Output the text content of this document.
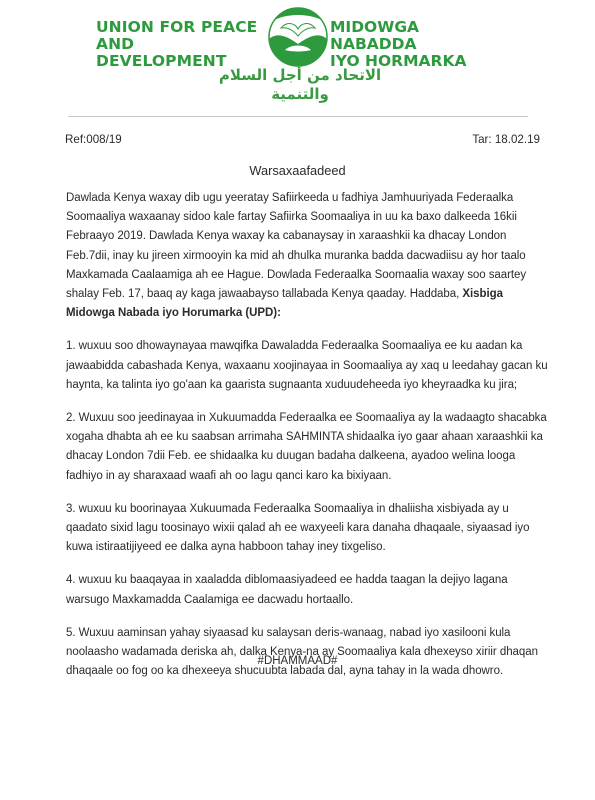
UNION FOR PEACE AND
DEVELOPMENT
MIDOWGA NABADDA
IYO HORMARKA
الاتحاد من أجل السلام
والتنمية
Ref:008/19	Tar: 18.02.19
Warsaxaafadeed

Dawlada Kenya waxay dib ugu yeeratay Safiirkeeda u fadhiya Jamhuuriyada Federaalka Soomaaliya waxaanay sidoo kale fartay Safiirka Soomaaliya in uu ka baxo dalkeeda 16kii Febraayo 2019. Dawlada Kenya waxay ka cabanaysay in xaraashkii ka dhacay London Feb.7dii, inay ku jireen xirmooyin ka mid ah dhulka muranka badda dacwadiisu ay hor taalo Maxkamada Caalaamiga ah ee Hague. Dowlada Federaalka Soomaalia waxay soo saartey shalay Feb. 17, baaq ay kaga jawaabayso tallabada Kenya qaaday. Haddaba, Xisbiga Midowga Nabada iyo Horumarka (UPD):

1. wuxuu soo dhowaynayaa mawqifka Dawaladda Federaalka Soomaaliya ee ku aadan ka jawaabidda cabashada Kenya, waxaanu xoojinayaa in Soomaaliya ay xaq u leedahay gacan ku haynta, ka talinta iyo go'aan ka gaarista sugnaanta xuduudeheeda iyo kheyraadka ku jira;

2. Wuxuu soo jeedinayaa in Xukuumadda Federaalka ee Soomaaliya ay la wadaagto shacabka xogaha dhabta ah ee ku saabsan arrimaha SAHMINTA shidaalka iyo gaar ahaan xaraashkii ka dhacay London 7dii Feb. ee shidaalka ku duugan badaha dalkeena, ayadoo welina looga fadhiyo in ay sharaxaad waafi ah oo lagu qanci karo ka bixiyaan.

3. wuxuu ku boorinayaa Xukuumada Federaalka Soomaaliya in dhaliisha xisbiyada ay u qaadato sixid lagu toosinayo wixii qalad ah ee waxyeeli kara danaha dhaqaale, siyaasad iyo kuwa istiraatijiyeed ee dalka ayna habboon tahay iney tixgeliso.

4. wuxuu ku baaqayaa in xaaladda diblomaasiyadeed ee hadda taagan la dejiyo lagana warsugo Maxkamadda Caalamiga ee dacwadu hortaallo.

5. Wuxuu aaminsan yahay siyaasad ku salaysan deris-wanaag, nabad iyo xasilooni kula noolaasho wadamada deriska ah, dalka Kenya-na ay Soomaaliya kala dhexeyso xiriir dhaqan dhaqaale oo fog oo ka dhexeeya shucuubta labada dal, ayna tahay in la wada dhowro.

#DHAMMAAD#
